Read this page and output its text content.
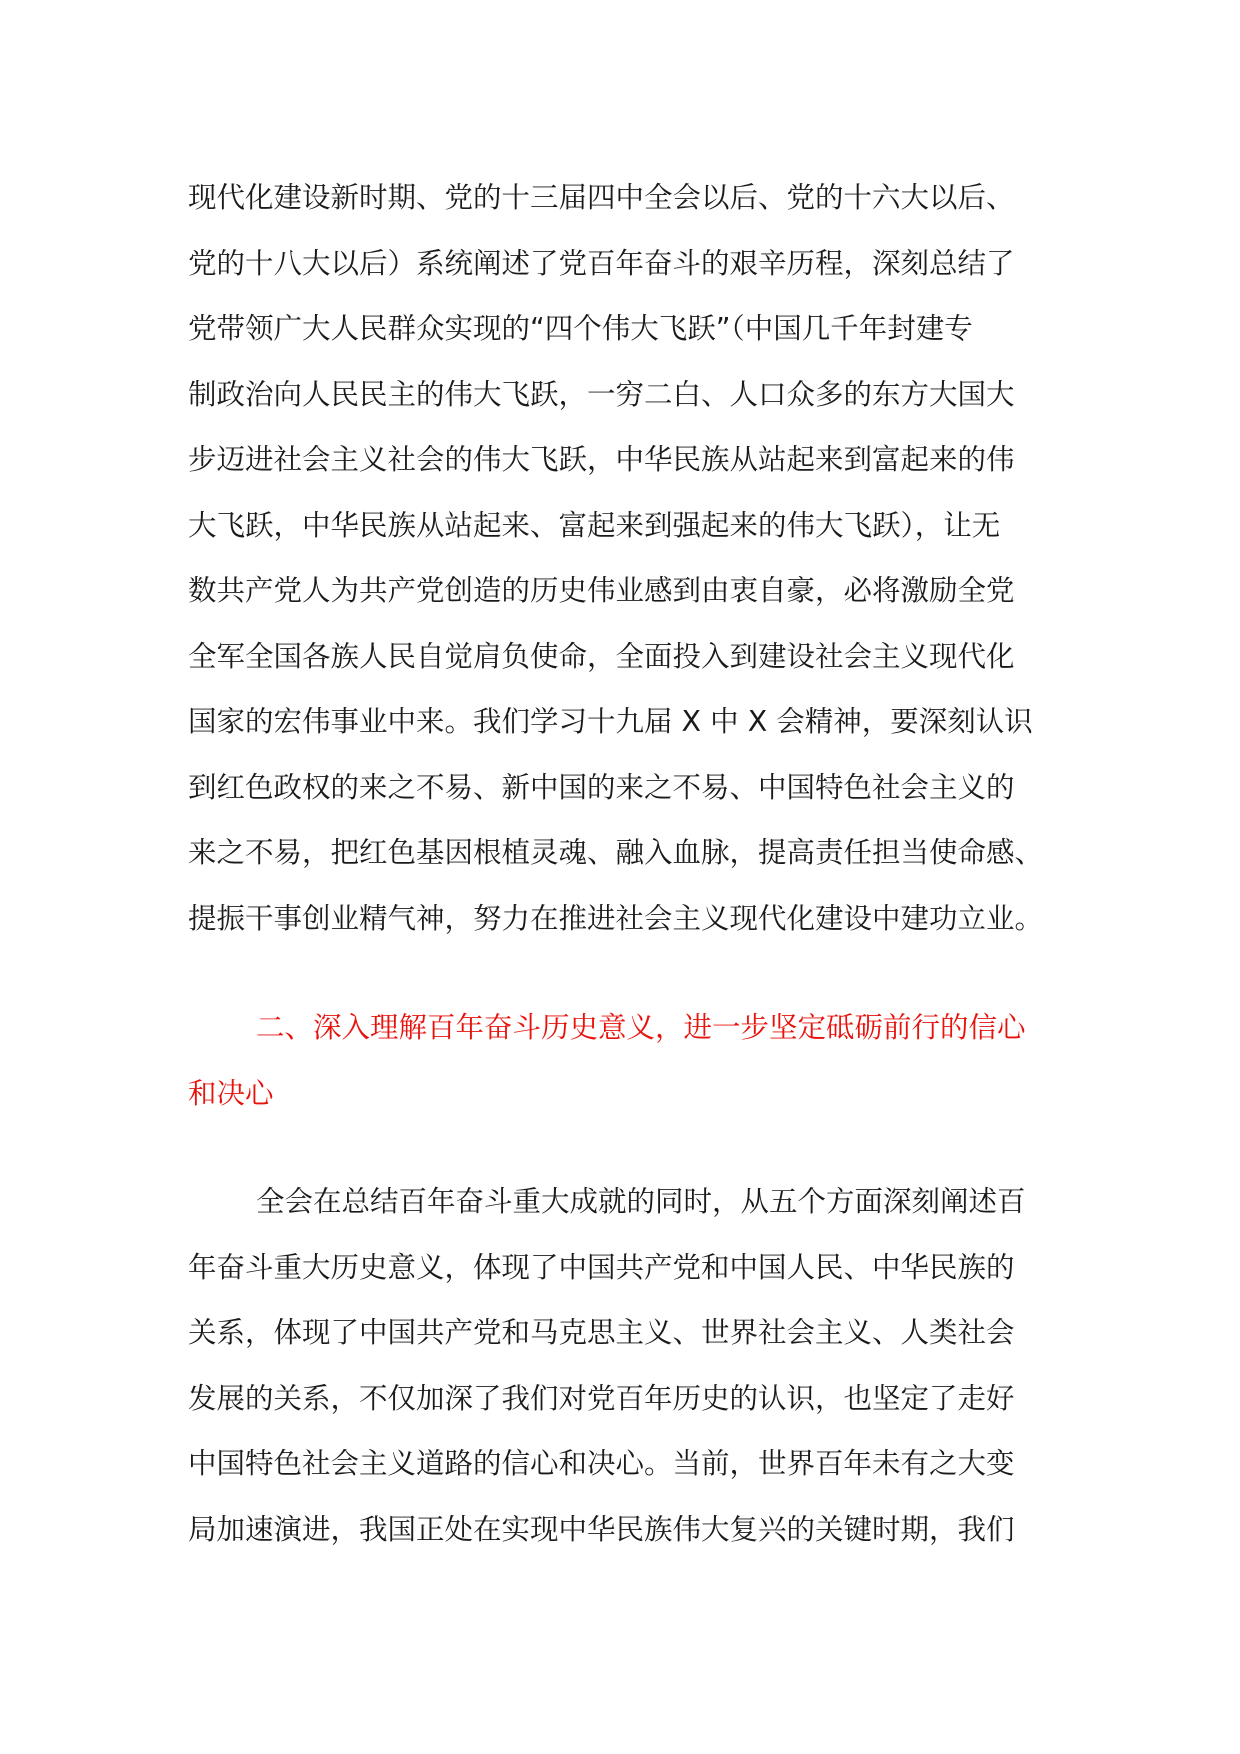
现代化建设新时期、党的十三届四中全会以后、党的十六大以后、
党的十八大以后）系统阐述了党百年奋斗的艰辛历程，深刻总结了
党带领广大人民群众实现的“四个伟大飞跃”（中国几千年封建专
制政治向人民民主的伟大飞跃，一穷二白、人口众多的东方大国大
步迈进社会主义社会的伟大飞跃，中华民族从站起来到富起来的伟
大飞跃，中华民族从站起来、富起来到强起来的伟大飞跃），让无
数共产党人为共产党创造的历史伟业感到由衷自豪，必将激励全党
全军全国各族人民自觉肩负使命，全面投入到建设社会主义现代化
国家的宏伟事业中来。我们学习十九届 X 中 X 会精神，要深刻认识
到红色政权的来之不易、新中国的来之不易、中国特色社会主义的
来之不易，把红色基因根植灵魂、融入血脉，提高责任担当使命感、
提振干事创业精气神，努力在推进社会主义现代化建设中建功立业。
二、深入理解百年奋斗历史意义，进一步坚定砥砺前行的信心
和决心
全会在总结百年奋斗重大成就的同时，从五个方面深刻阐述百
年奋斗重大历史意义，体现了中国共产党和中国人民、中华民族的
关系，体现了中国共产党和马克思主义、世界社会主义、人类社会
发展的关系，不仅加深了我们对党百年历史的认识，也坚定了走好
中国特色社会主义道路的信心和决心。当前，世界百年未有之大变
局加速演进，我国正处在实现中华民族伟大复兴的关键时期，我们
